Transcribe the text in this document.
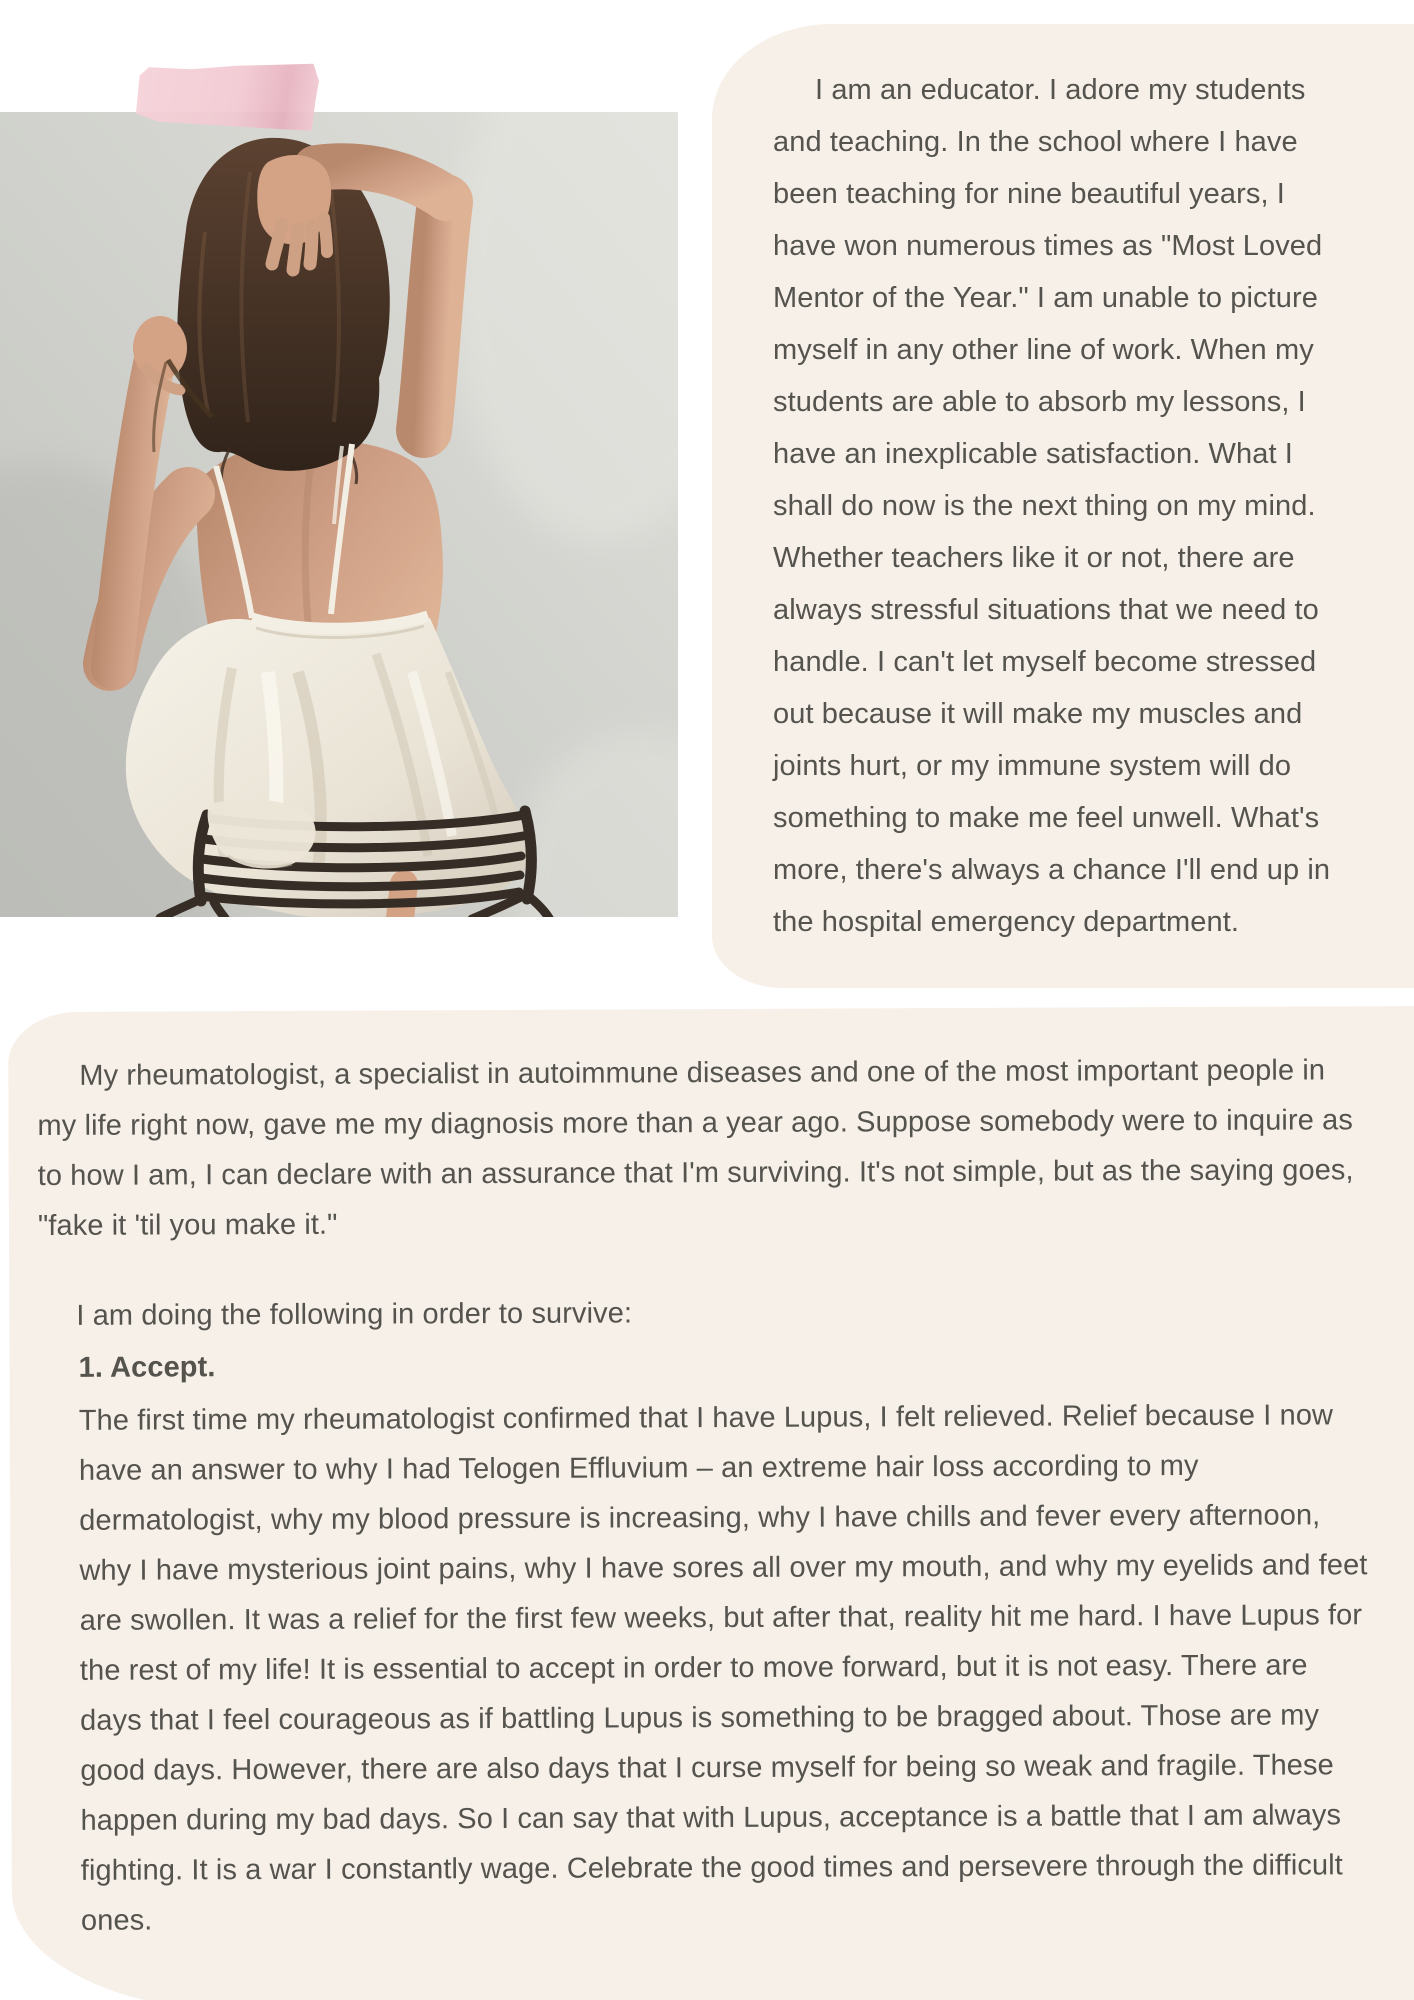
I am an educator. I adore my students and teaching. In the school where I have been teaching for nine beautiful years, I have won numerous times as "Most Loved Mentor of the Year." I am unable to picture myself in any other line of work. When my students are able to absorb my lessons, I have an inexplicable satisfaction. What I shall do now is the next thing on my mind. Whether teachers like it or not, there are always stressful situations that we need to handle. I can't let myself become stressed out because it will make my muscles and joints hurt, or my immune system will do something to make me feel unwell. What's more, there's always a chance I'll end up in the hospital emergency department.

My rheumatologist, a specialist in autoimmune diseases and one of the most important people in my life right now, gave me my diagnosis more than a year ago. Suppose somebody were to inquire as to how I am, I can declare with an assurance that I'm surviving. It's not simple, but as the saying goes, "fake it 'til you make it."

I am doing the following in order to survive:

1. Accept.

The first time my rheumatologist confirmed that I have Lupus, I felt relieved. Relief because I now have an answer to why I had Telogen Effluvium – an extreme hair loss according to my dermatologist, why my blood pressure is increasing, why I have chills and fever every afternoon, why I have mysterious joint pains, why I have sores all over my mouth, and why my eyelids and feet are swollen. It was a relief for the first few weeks, but after that, reality hit me hard. I have Lupus for the rest of my life! It is essential to accept in order to move forward, but it is not easy. There are days that I feel courageous as if battling Lupus is something to be bragged about. Those are my good days. However, there are also days that I curse myself for being so weak and fragile. These happen during my bad days. So I can say that with Lupus, acceptance is a battle that I am always fighting. It is a war I constantly wage. Celebrate the good times and persevere through the difficult ones.
